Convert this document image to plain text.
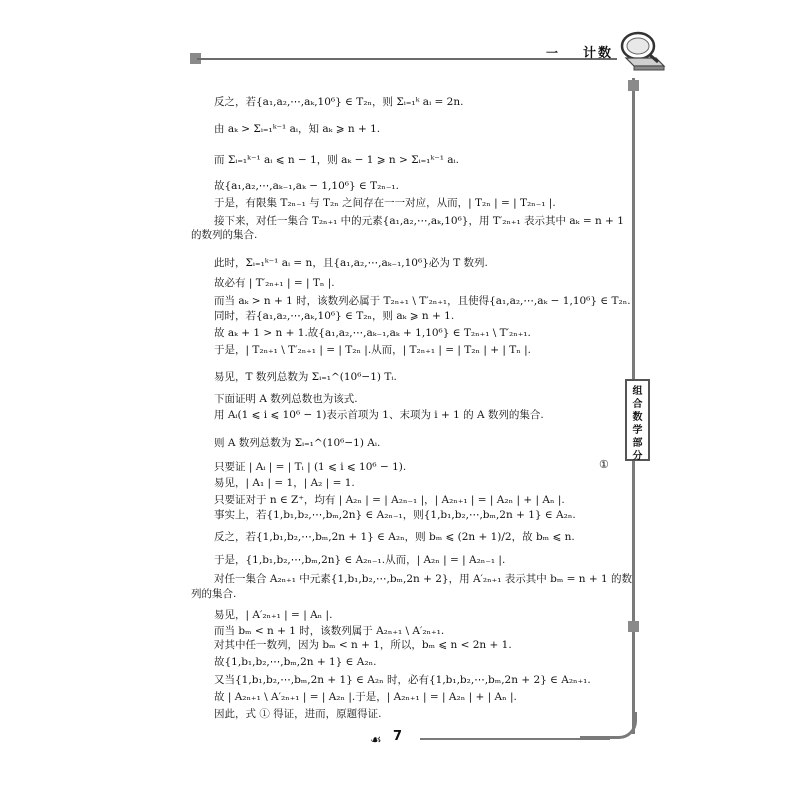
一 计数
组
合
数
学
部
分
反之，若{a₁,a₂,⋯,aₖ,10⁶} ∈ T₂ₙ，则 Σᵢ₌₁ᵏ aᵢ = 2n.
由 aₖ > Σᵢ₌₁ᵏ⁻¹ aᵢ，知 aₖ ⩾ n + 1.
而 Σᵢ₌₁ᵏ⁻¹ aᵢ ⩽ n − 1，则 aₖ − 1 ⩾ n > Σᵢ₌₁ᵏ⁻¹ aᵢ.
故{a₁,a₂,⋯,aₖ₋₁,aₖ − 1,10⁶} ∈ T₂ₙ₋₁.
于是，有限集 T₂ₙ₋₁ 与 T₂ₙ 之间存在一一对应，从而，| T₂ₙ | = | T₂ₙ₋₁ |.
接下来，对任一集合 T₂ₙ₊₁ 中的元素{a₁,a₂,⋯,aₖ,10⁶}，用 T′₂ₙ₊₁ 表示其中 aₖ = n + 1
的数列的集合.
此时，Σᵢ₌₁ᵏ⁻¹ aᵢ = n，且{a₁,a₂,⋯,aₖ₋₁,10⁶}必为 T 数列.
故必有 | T′₂ₙ₊₁ | = | Tₙ |.
而当 aₖ > n + 1 时，该数列必属于 T₂ₙ₊₁ \ T′₂ₙ₊₁，且使得{a₁,a₂,⋯,aₖ − 1,10⁶} ∈ T₂ₙ.
同时，若{a₁,a₂,⋯,aₖ,10⁶} ∈ T₂ₙ，则 aₖ ⩾ n + 1.
故 aₖ + 1 > n + 1.故{a₁,a₂,⋯,aₖ₋₁,aₖ + 1,10⁶} ∈ T₂ₙ₊₁ \ T′₂ₙ₊₁.
于是，| T₂ₙ₊₁ \ T′₂ₙ₊₁ | = | T₂ₙ |.从而，| T₂ₙ₊₁ | = | T₂ₙ | + | Tₙ |.
易见，T 数列总数为 Σᵢ₌₁^(10⁶−1) Tᵢ.
下面证明 A 数列总数也为该式.
用 Aᵢ(1 ⩽ i ⩽ 10⁶ − 1)表示首项为 1、末项为 i + 1 的 A 数列的集合.
则 A 数列总数为 Σᵢ₌₁^(10⁶−1) Aᵢ.
只要证 | Aᵢ | = | Tᵢ | (1 ⩽ i ⩽ 10⁶ − 1).
易见，| A₁ | = 1，| A₂ | = 1.
只要证对于 n ∈ Z⁺，均有 | A₂ₙ | = | A₂ₙ₋₁ |，| A₂ₙ₊₁ | = | A₂ₙ | + | Aₙ |.
事实上，若{1,b₁,b₂,⋯,bₘ,2n} ∈ A₂ₙ₋₁，则{1,b₁,b₂,⋯,bₘ,2n + 1} ∈ A₂ₙ.
反之，若{1,b₁,b₂,⋯,bₘ,2n + 1} ∈ A₂ₙ，则 bₘ ⩽ (2n + 1)/2，故 bₘ ⩽ n.
于是，{1,b₁,b₂,⋯,bₘ,2n} ∈ A₂ₙ₋₁.从而，| A₂ₙ | = | A₂ₙ₋₁ |.
对任一集合 A₂ₙ₊₁ 中元素{1,b₁,b₂,⋯,bₘ,2n + 2}，用 A′₂ₙ₊₁ 表示其中 bₘ = n + 1 的数
列的集合.
易见，| A′₂ₙ₊₁ | = | Aₙ |.
而当 bₘ < n + 1 时，该数列属于 A₂ₙ₊₁ \ A′₂ₙ₊₁.
对其中任一数列，因为 bₘ < n + 1，所以，bₘ ⩽ n < 2n + 1.
故{1,b₁,b₂,⋯,bₘ,2n + 1} ∈ A₂ₙ.
又当{1,b₁,b₂,⋯,bₘ,2n + 1} ∈ A₂ₙ 时，必有{1,b₁,b₂,⋯,bₘ,2n + 2} ∈ A₂ₙ₊₁.
故 | A₂ₙ₊₁ \ A′₂ₙ₊₁ | = | A₂ₙ |.于是，| A₂ₙ₊₁ | = | A₂ₙ | + | Aₙ |.
因此，式 ① 得证，进而，原题得证.
①
☙ 7
